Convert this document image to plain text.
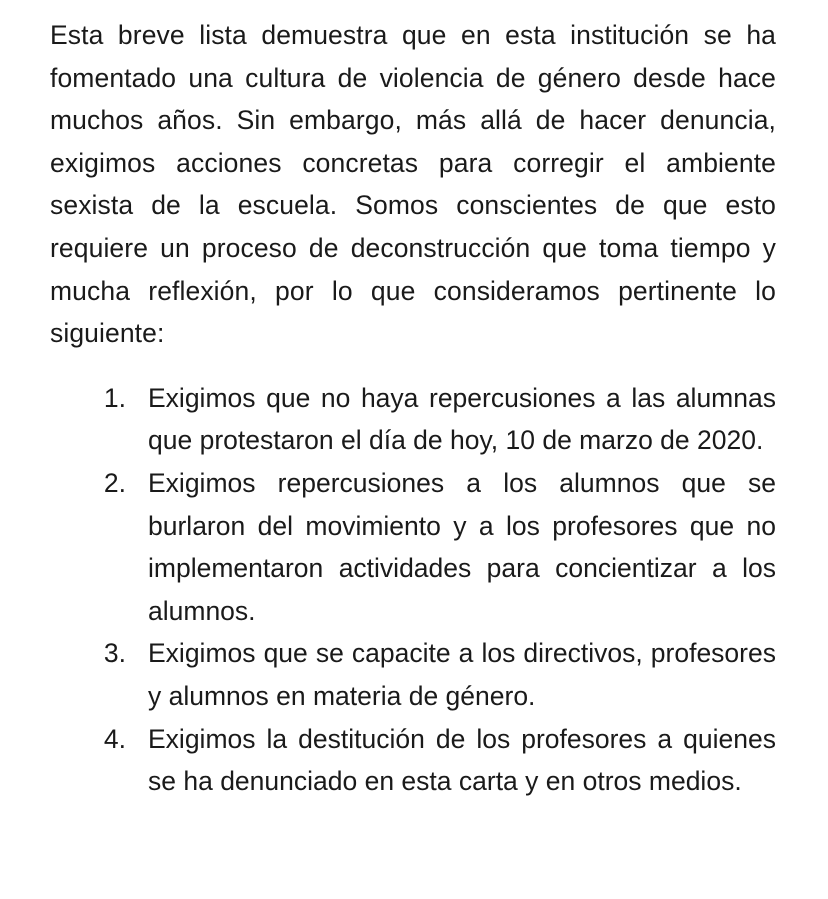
Esta breve lista demuestra que en esta institución se ha fomentado una cultura de violencia de género desde hace muchos años. Sin embargo, más allá de hacer denuncia, exigimos acciones concretas para corregir el ambiente sexista de la escuela. Somos conscientes de que esto requiere un proceso de deconstrucción que toma tiempo y mucha reflexión, por lo que consideramos pertinente lo siguiente:

1. Exigimos que no haya repercusiones a las alumnas que protestaron el día de hoy, 10 de marzo de 2020.
2. Exigimos repercusiones a los alumnos que se burlaron del movimiento y a los profesores que no implementaron actividades para concientizar a los alumnos.
3. Exigimos que se capacite a los directivos, profesores y alumnos en materia de género.
4. Exigimos la destitución de los profesores a quienes se ha denunciado en esta carta y en otros medios.
